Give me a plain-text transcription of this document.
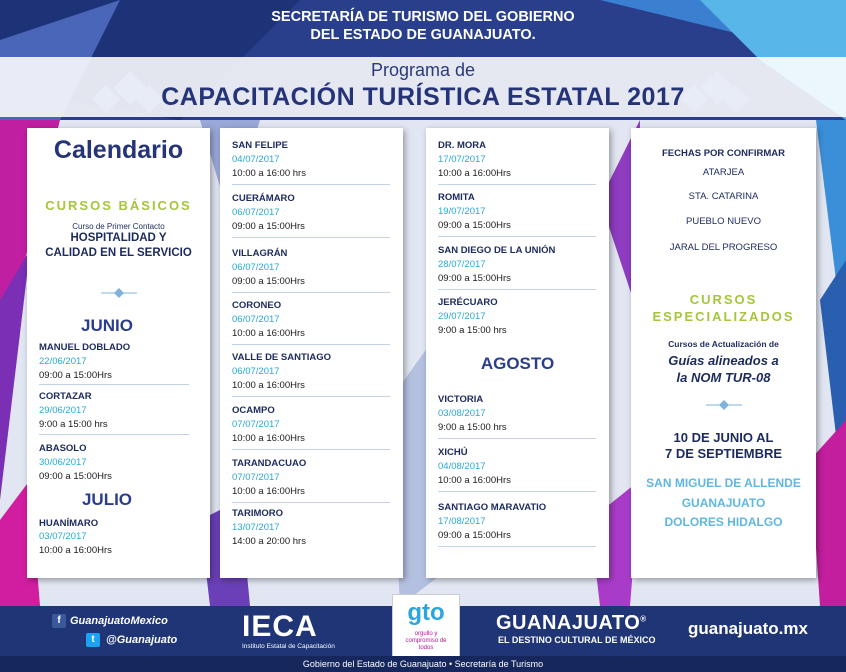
SECRETARÍA DE TURISMO DEL GOBIERNO
DEL ESTADO DE GUANAJUATO.
Programa de
CAPACITACIÓN TURÍSTICA ESTATAL 2017
Calendario
CURSOS BÁSICOS
Curso de Primer Contacto
HOSPITALIDAD Y
CALIDAD EN EL SERVICIO
JUNIO
MANUEL DOBLADO
22/06/2017
09:00 a 15:00Hrs
CORTAZAR
29/06/2017
9:00 a 15:00 hrs
ABASOLO
30/06/2017
09:00 a 15:00Hrs
JULIO
HUANÍMARO
03/07/2017
10:00 a 16:00Hrs
SAN FELIPE
04/07/2017
10:00 a 16:00 hrs
CUERÁMARO
06/07/2017
09:00 a 15:00Hrs
VILLAGRÁN
06/07/2017
09:00 a 15:00Hrs
CORONEO
06/07/2017
10:00 a 16:00Hrs
VALLE DE SANTIAGO
06/07/2017
10:00 a 16:00Hrs
OCAMPO
07/07/2017
10:00 a 16:00Hrs
TARANDACUAO
07/07/2017
10:00 a 16:00Hrs
TARIMORO
13/07/2017
14:00 a 20:00 hrs
DR. MORA
17/07/2017
10:00 a 16:00Hrs
ROMITA
19/07/2017
09:00 a 15:00Hrs
SAN DIEGO DE LA UNIÓN
28/07/2017
09:00 a 15:00Hrs
JERÉCUARO
29/07/2017
9:00 a 15:00 hrs
AGOSTO
VICTORIA
03/08/2017
9:00 a 15:00 hrs
XICHÚ
04/08/2017
10:00 a 16:00Hrs
SANTIAGO MARAVATIO
17/08/2017
09:00 a 15:00Hrs
FECHAS POR CONFIRMAR
ATARJEA
STA. CATARINA
PUEBLO NUEVO
JARAL DEL PROGRESO
CURSOS
ESPECIALIZADOS
Cursos de Actualización de
Guías alineados a
la NOM TUR-08
10 DE JUNIO AL
7 DE SEPTIEMBRE
SAN MIGUEL DE ALLENDE
GUANAJUATO
DOLORES HIDALGO
f GuanajuatoMexico
t	@Guanajuato IECA
Instituto Estatal de Capacitación
gto
orgullo y compromiso de todos
GUANAJUATO®
EL DESTINO CULTURAL DE MÉXICO
guanajuato.mx
Gobierno del Estado de Guanajuato • Secretaría de Turismo
